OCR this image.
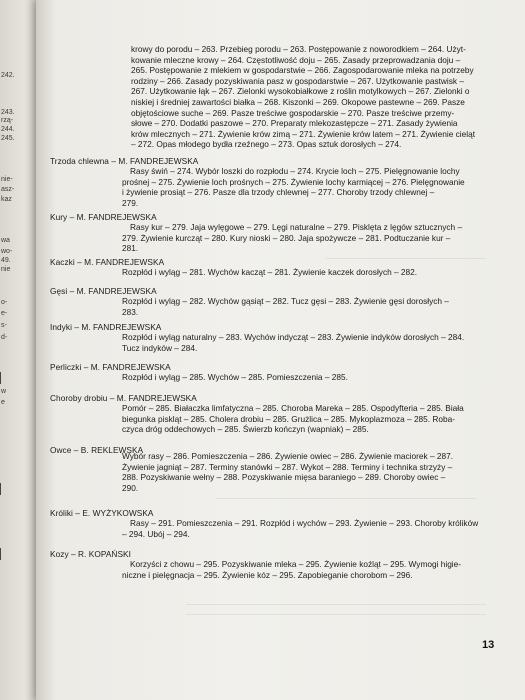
242.
243.
rzą-
244.
245.
nie-
asz-
kaz
wa
wo-
49.
nie
o-
e-
s-
d-
w
e
krowy do porodu – 263. Przebieg porodu – 263. Postępowanie z noworodkiem – 264. Użyt-
kowanie mleczne krowy – 264. Częstotliwość doju – 265. Zasady przeprowadzania doju –
265. Postępowanie z mlekiem w gospodarstwie – 266. Zagospodarowanie mleka na potrzeby
rodziny – 266. Zasady pozyskiwania pasz w gospodarstwie – 267. Użytkowanie pastwisk –
267. Użytkowanie łąk – 267. Zielonki wysokobiałkowe z roślin motylkowych – 267. Zielonki o
niskiej i średniej zawartości białka – 268. Kiszonki – 269. Okopowe pastewne – 269. Pasze
objętościowe suche – 269. Pasze treściwe gospodarskie – 270. Pasze treściwe przemy-
słowe – 270. Dodatki paszowe – 270. Preparaty mlekozastępcze – 271. Zasady żywienia
krów mlecznych – 271. Żywienie krów zimą – 271. Żywienie krów latem – 271. Żywienie cieląt
– 272. Opas młodego bydła rzeźnego – 273. Opas sztuk dorosłych – 274.
Trzoda chlewna – M. FANDREJEWSKA
Rasy świń – 274. Wybór loszki do rozpłodu – 274. Krycie loch – 275. Pielęgnowanie lochy
prośnej – 275. Żywienie loch prośnych – 275. Żywienie lochy karmiącej – 276. Pielęgnowanie
i żywienie prosiąt – 276. Pasze dla trzody chlewnej – 277. Choroby trzody chlewnej –
279.
Kury – M. FANDREJEWSKA
Rasy kur – 279. Jaja wylęgowe – 279. Lęgi naturalne – 279. Pisklęta z lęgów sztucznych –
279. Żywienie kurcząt – 280. Kury nioski – 280. Jaja spożywcze – 281. Podtuczanie kur –
281.
Kaczki – M. FANDREJEWSKA
Rozpłód i wyląg – 281. Wychów kacząt – 281. Żywienie kaczek dorosłych – 282.
Gęsi – M. FANDREJEWSKA
Rozpłód i wyląg – 282. Wychów gąsiąt – 282. Tucz gęsi – 283. Żywienie gęsi dorosłych –
283.
Indyki – M. FANDREJEWSKA
Rozpłód i wyląg naturalny – 283. Wychów indycząt – 283. Żywienie indyków dorosłych – 284.
Tucz indyków – 284.
Perliczki – M. FANDREJEWSKA
Rozpłód i wyląg – 285. Wychów – 285. Pomieszczenia – 285.
Choroby drobiu – M. FANDREJEWSKA
Pomór – 285. Białaczka limfatyczna – 285. Choroba Mareka – 285. Ospodyfteria – 285. Biała
biegunka piskląt – 285. Cholera drobiu – 285. Grużlica – 285. Mykoplazmoza – 285. Roba-
czyca dróg oddechowych – 285. Świerzb kończyn (wapniak) – 285.
Owce – B. REKLEWSKA
Wybór rasy – 286. Pomieszczenia – 286. Żywienie owiec – 286. Żywienie maciorek – 287.
Żywienie jagniąt – 287. Terminy stanówki – 287. Wykot – 288. Terminy i technika strzyży –
288. Pozyskiwanie wełny – 288. Pozyskiwanie mięsa baraniego – 289. Choroby owiec –
290.
Króliki – E. WYŻYKOWSKA
Rasy – 291. Pomieszczenia – 291. Rozpłód i wychów – 293. Żywienie – 293. Choroby królików
– 294. Ubój – 294.
Kozy – R. KOPAŃSKI
Korzyści z chowu – 295. Pozyskiwanie mleka – 295. Żywienie koźląt – 295. Wymogi higie-
niczne i pielęgnacja – 295. Żywienie kóz – 295. Zapobieganie chorobom – 296.
13
